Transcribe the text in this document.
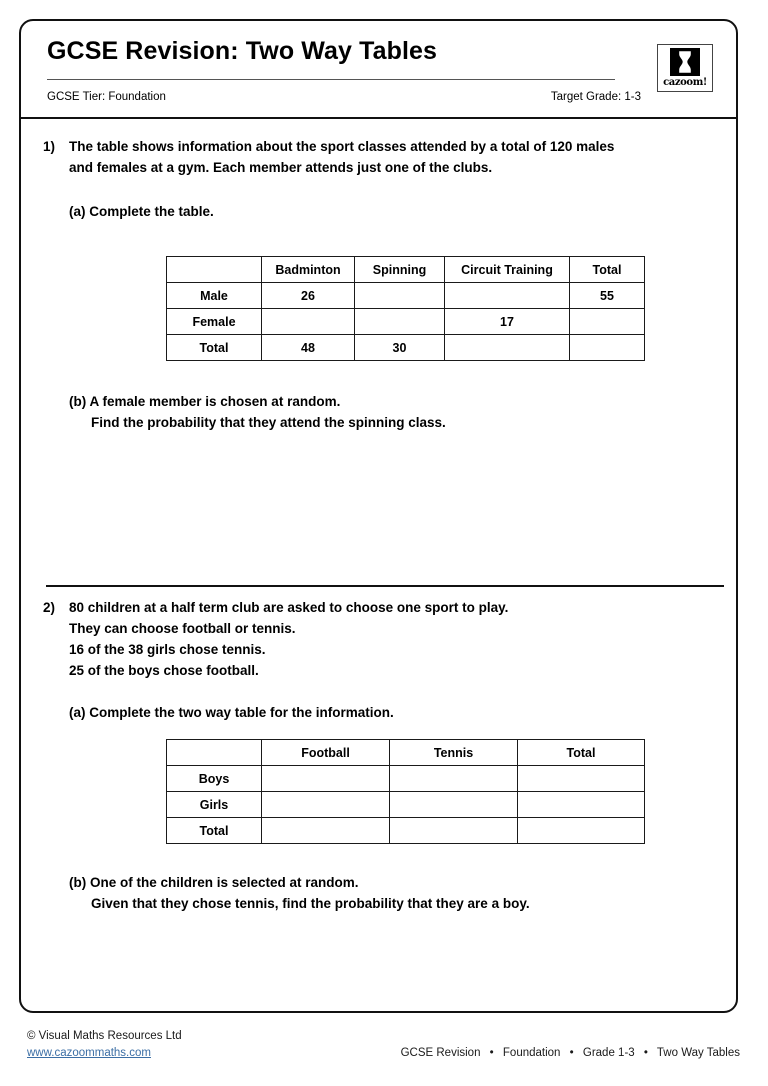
GCSE Revision: Two Way Tables
GCSE Tier: Foundation	Target Grade: 1-3
cazoom!
1) The table shows information about the sport classes attended by a total of 120 males
and females at a gym. Each member attends just one of the clubs.
(a) Complete the table.
	Badminton	Spinning	Circuit Training	Total
Male	26			55
Female			17	
Total	48	30		
(b) A female member is chosen at random.
Find the probability that they attend the spinning class.
2) 80 children at a half term club are asked to choose one sport to play.
They can choose football or tennis.
16 of the 38 girls chose tennis.
25 of the boys chose football.
(a) Complete the two way table for the information.
	Football	Tennis	Total
Boys			
Girls			
Total			
(b) One of the children is selected at random.
Given that they chose tennis, find the probability that they are a boy.
© Visual Maths Resources Ltd
www.cazoommaths.com	GCSE Revision • Foundation • Grade 1-3 • Two Way Tables
